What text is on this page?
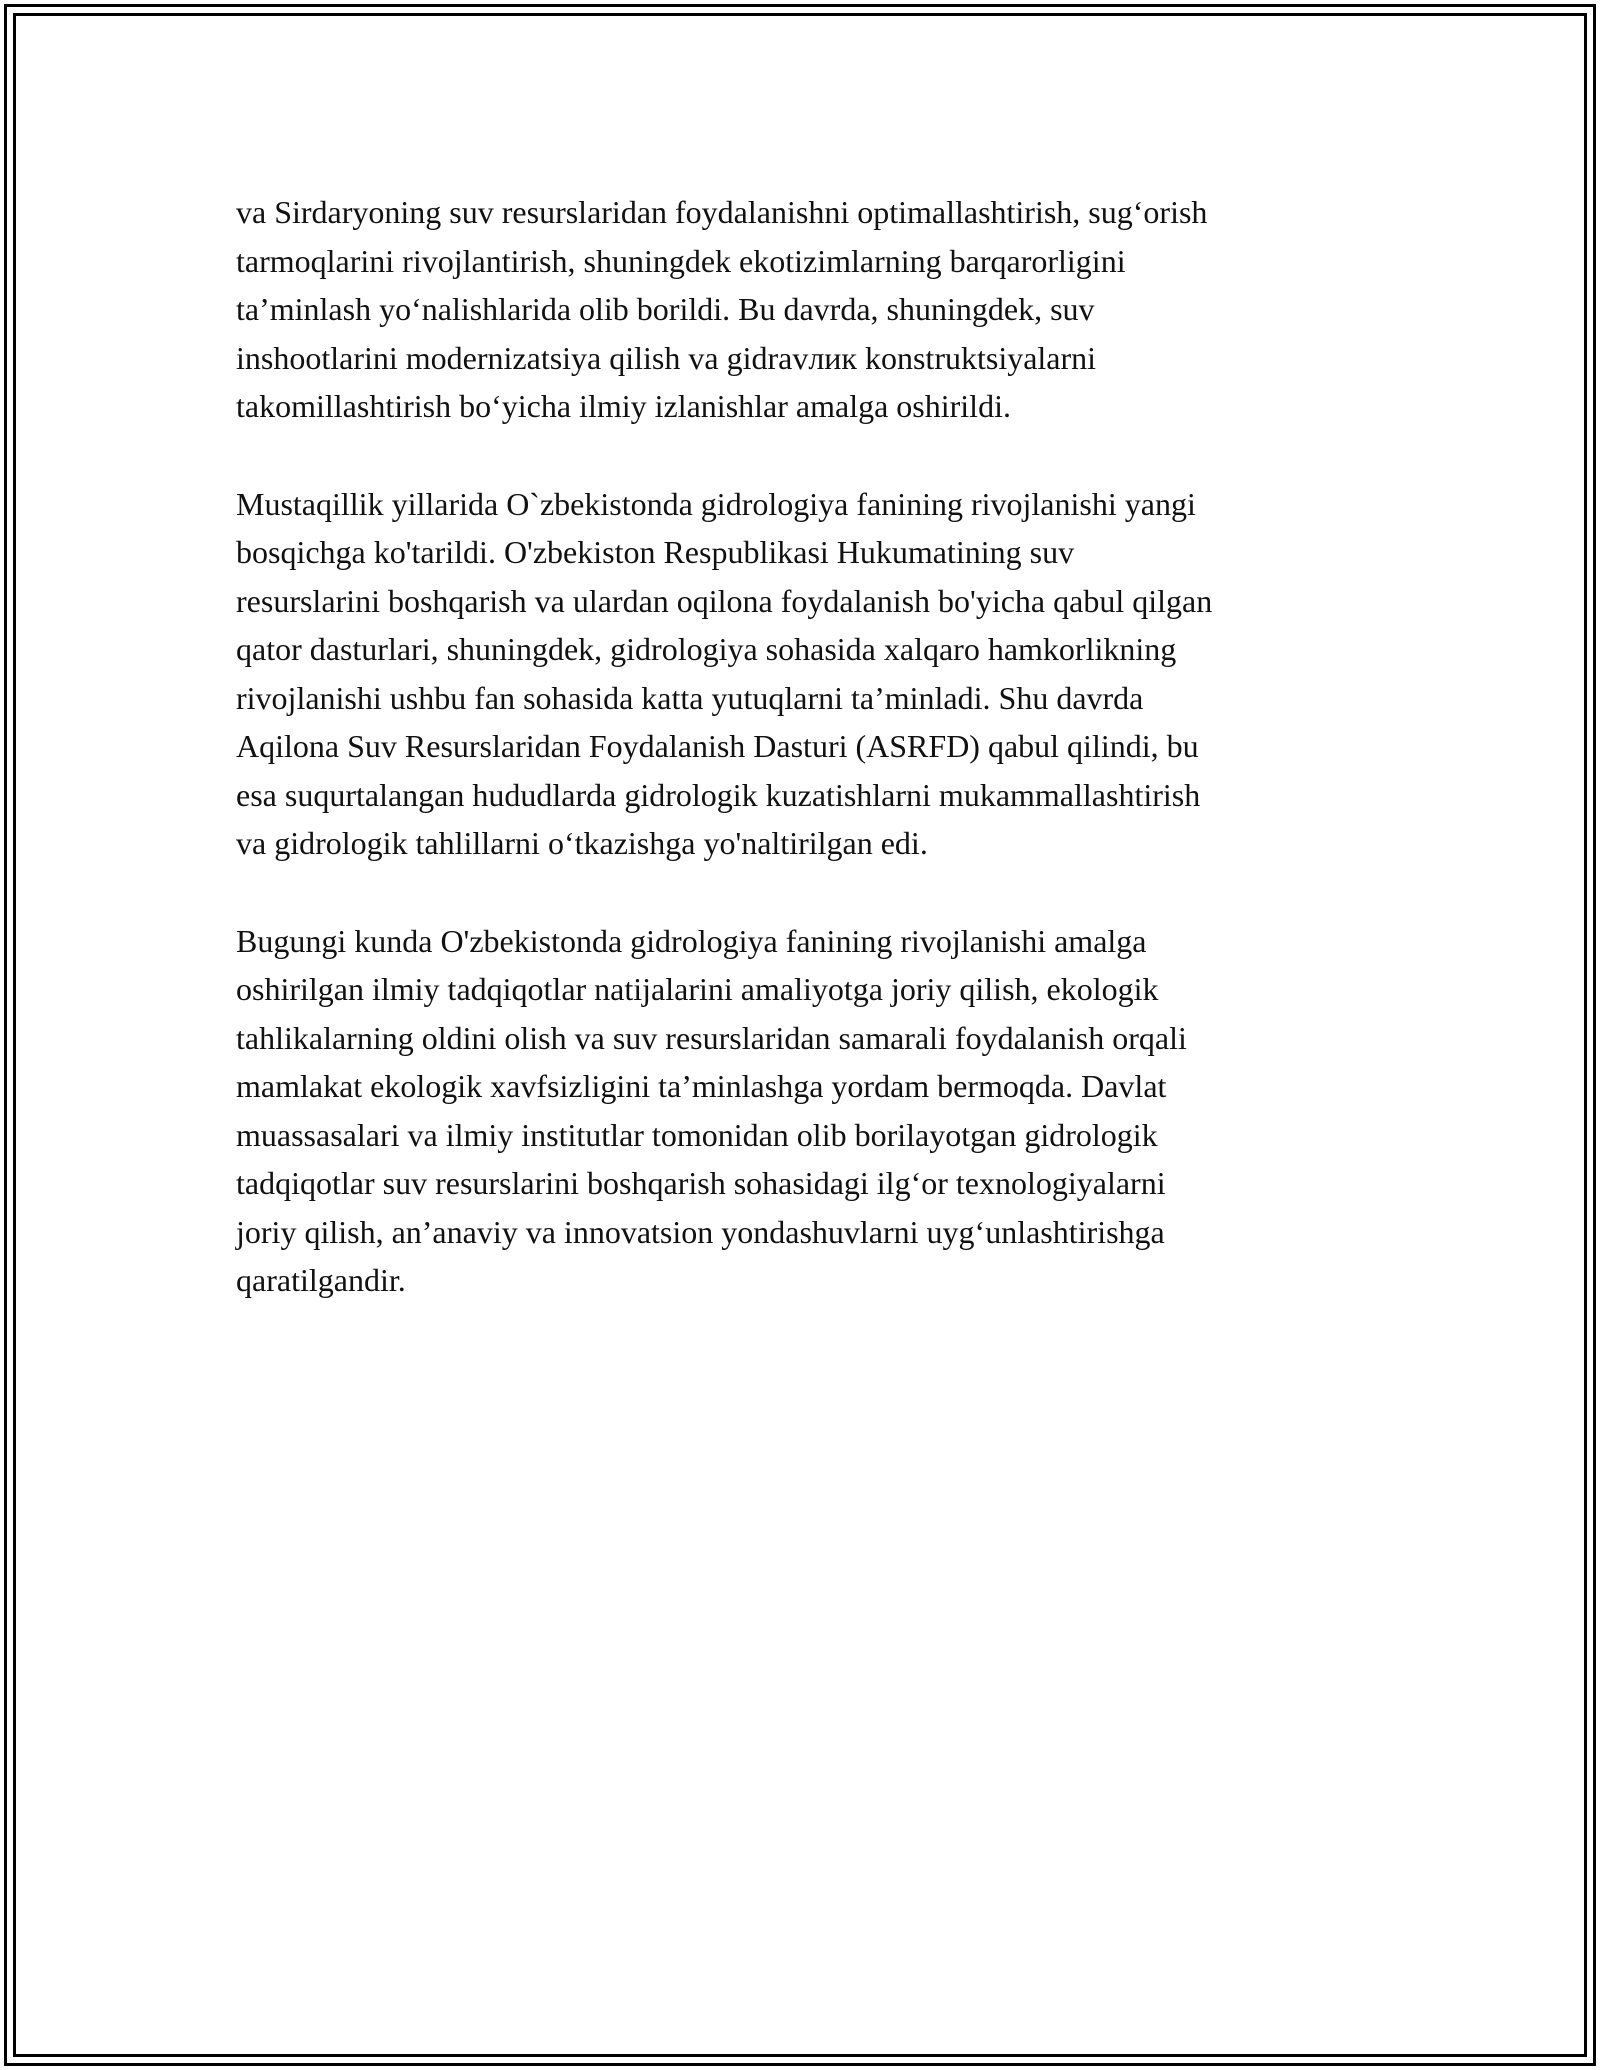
va Sirdaryoning suv resurslaridan foydalanishni optimallashtirish, sug‘orish
tarmoqlarini rivojlantirish, shuningdek ekotizimlarning barqarorligini
ta’minlash yo‘nalishlarida olib borildi. Bu davrda, shuningdek, suv
inshootlarini modernizatsiya qilish va gidravлик konstruktsiyalarni
takomillashtirish bo‘yicha ilmiy izlanishlar amalga oshirildi.

Mustaqillik yillarida O`zbekistonda gidrologiya fanining rivojlanishi yangi
bosqichga ko'tarildi. O'zbekiston Respublikasi Hukumatining suv
resurslarini boshqarish va ulardan oqilona foydalanish bo'yicha qabul qilgan
qator dasturlari, shuningdek, gidrologiya sohasida xalqaro hamkorlikning
rivojlanishi ushbu fan sohasida katta yutuqlarni ta’minladi. Shu davrda
Aqilona Suv Resurslaridan Foydalanish Dasturi (ASRFD) qabul qilindi, bu
esa suqurtalangan hududlarda gidrologik kuzatishlarni mukammallashtirish
va gidrologik tahlillarni o‘tkazishga yo'naltirilgan edi.

Bugungi kunda O'zbekistonda gidrologiya fanining rivojlanishi amalga
oshirilgan ilmiy tadqiqotlar natijalarini amaliyotga joriy qilish, ekologik
tahlikalarning oldini olish va suv resurslaridan samarali foydalanish orqali
mamlakat ekologik xavfsizligini ta’minlashga yordam bermoqda. Davlat
muassasalari va ilmiy institutlar tomonidan olib borilayotgan gidrologik
tadqiqotlar suv resurslarini boshqarish sohasidagi ilg‘or texnologiyalarni
joriy qilish, an’anaviy va innovatsion yondashuvlarni uyg‘unlashtirishga
qaratilgandir.
